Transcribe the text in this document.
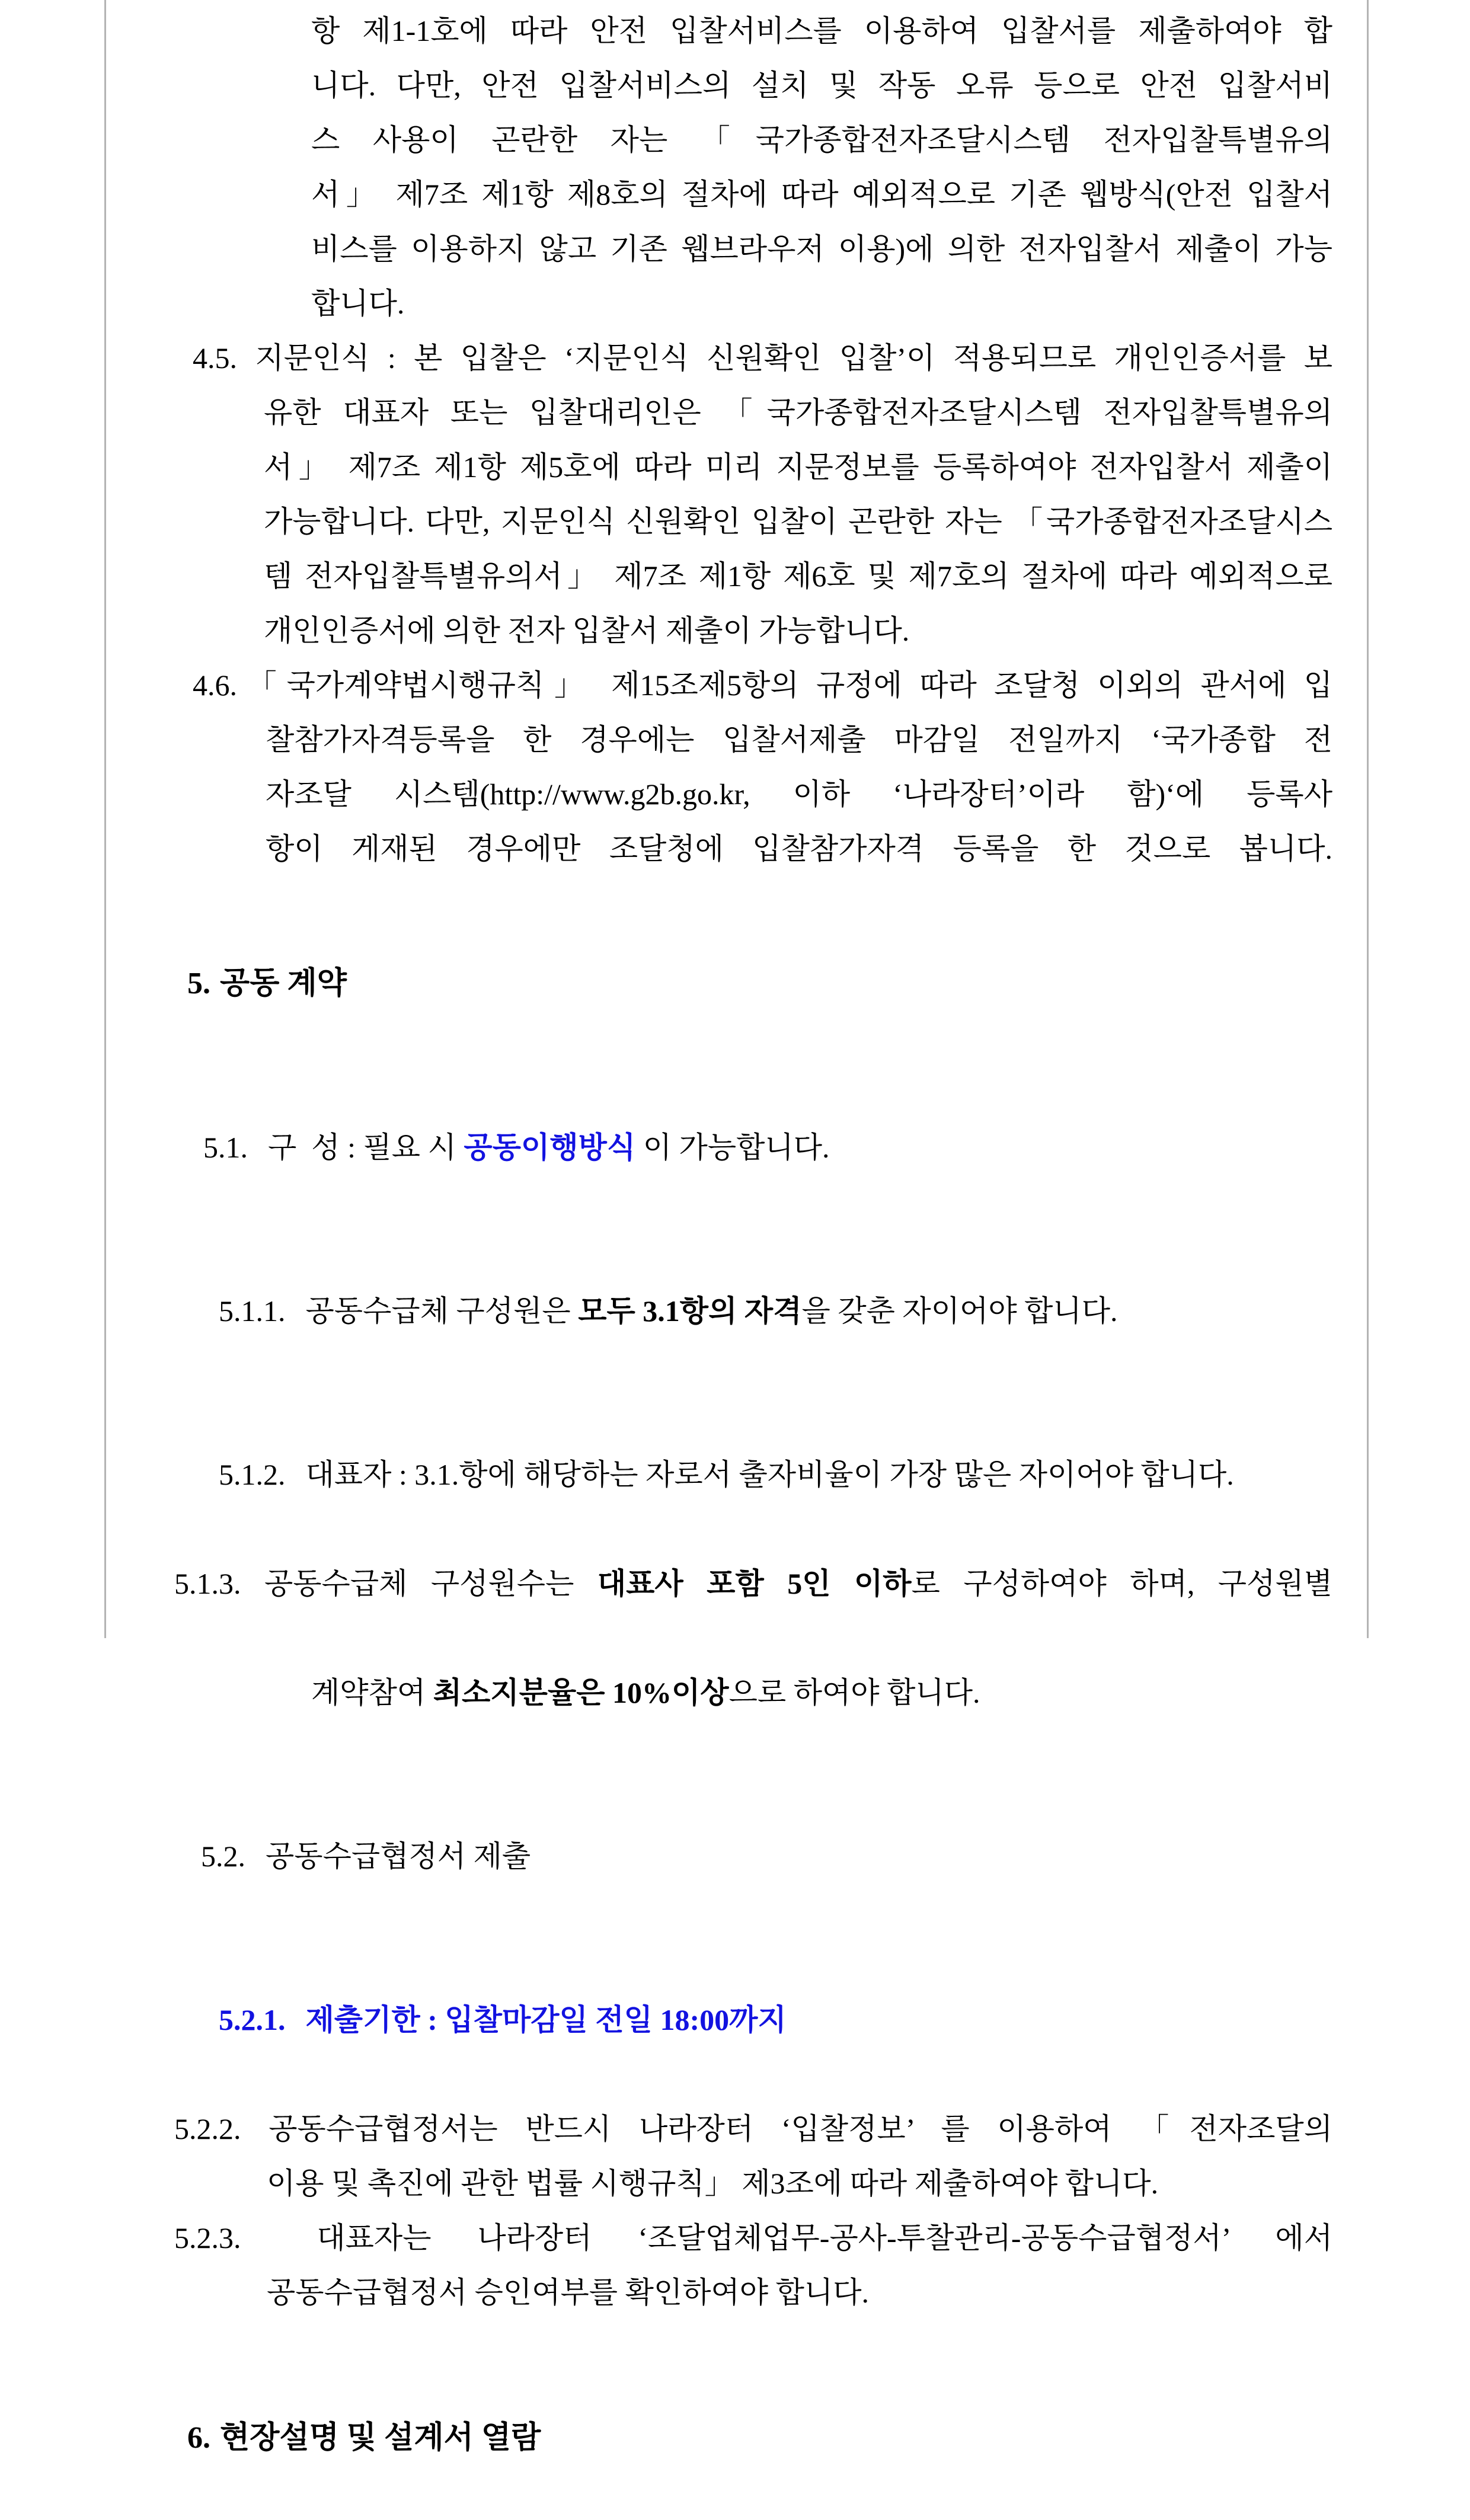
항 제1-1호에 따라 안전 입찰서비스를 이용하여 입찰서를 제출하여야 합
니다. 다만, 안전 입찰서비스의 설치 및 작동 오류 등으로 안전 입찰서비
스 사용이 곤란한 자는 「국가종합전자조달시스템 전자입찰특별유의
서」 제7조 제1항 제8호의 절차에 따라 예외적으로 기존 웹방식(안전 입찰서
비스를 이용하지 않고 기존 웹브라우저 이용)에 의한 전자입찰서 제출이 가능
합니다.
4.5. 지문인식 : 본 입찰은 ‘지문인식 신원확인 입찰’이 적용되므로 개인인증서를 보
유한 대표자 또는 입찰대리인은 「국가종합전자조달시스템 전자입찰특별유의
서」 제7조 제1항 제5호에 따라 미리 지문정보를 등록하여야 전자입찰서 제출이
가능합니다. 다만, 지문인식 신원확인 입찰이 곤란한 자는 「국가종합전자조달시스
템 전자입찰특별유의서」 제7조 제1항 제6호 및 제7호의 절차에 따라 예외적으로
개인인증서에 의한 전자 입찰서 제출이 가능합니다.
4.6.「국가계약법시행규칙」 제15조제5항의 규정에 따라 조달청 이외의 관서에 입
찰참가자격등록을 한 경우에는 입찰서제출 마감일 전일까지 ‘국가종합 전
자조달 시스템(http://www.g2b.go.kr, 이하 ‘나라장터’이라 함)‘에 등록사
항이 게재된 경우에만 조달청에 입찰참가자격 등록을 한 것으로 봅니다.

5. 공동 계약

5.1. 구  성 : 필요 시 공동이행방식 이 가능합니다.

5.1.1. 공동수급체 구성원은 모두 3.1항의 자격을 갖춘 자이어야 합니다.

5.1.2. 대표자 : 3.1.항에 해당하는 자로서 출자비율이 가장 많은 자이어야 합니다.

5.1.3. 공동수급체 구성원수는 대표사 포함 5인 이하로 구성하여야 하며, 구성원별

계약참여 최소지분율은 10%이상으로 하여야 합니다.

5.2. 공동수급협정서 제출

5.2.1. 제출기한 : 입찰마감일 전일 18:00까지

5.2.2. 공동수급협정서는 반드시 나라장터 ‘입찰정보’ 를 이용하여 「전자조달의
이용 및 촉진에 관한 법률 시행규칙」 제3조에 따라 제출하여야 합니다.
5.2.3.	대표자는 나라장터 ‘조달업체업무-공사-투찰관리-공동수급협정서’ 에서
공동수급협정서 승인여부를 확인하여야 합니다.

6. 현장설명 및 설계서 열람
